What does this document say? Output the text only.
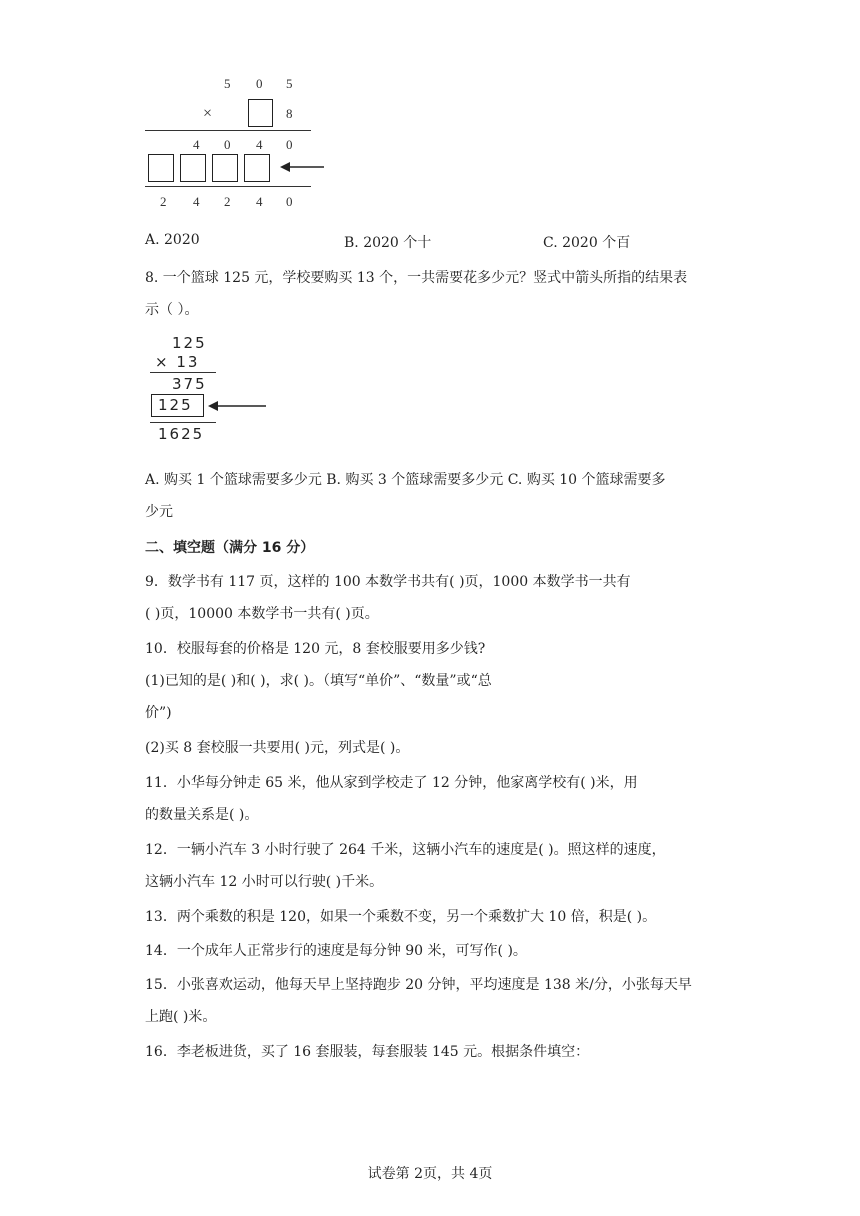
5 0 5
×	8
4 0 4 0
2 4 2 4 0
A. 2020	B. 2020 个十	C. 2020 个百
8. 一个篮球 125 元，学校要购买 13 个，一共需要花多少元？竖式中箭头所指的结果表
示（ ）。
125
× 13
375
125
1625
A. 购买 1 个篮球需要多少元 B. 购买 3 个篮球需要多少元 C. 购买 10 个篮球需要多
少元
二、填空题（满分 16 分）
9．数学书有 117 页，这样的 100 本数学书共有( )页，1000 本数学书一共有
( )页，10000 本数学书一共有( )页。
10．校服每套的价格是 120 元，8 套校服要用多少钱?
(1)已知的是( )和( )，求( )。（填写“单价”、“数量”或“总
价”)
(2)买 8 套校服一共要用( )元，列式是( )。
11．小华每分钟走 65 米，他从家到学校走了 12 分钟，他家离学校有( )米，用
的数量关系是( )。
12．一辆小汽车 3 小时行驶了 264 千米，这辆小汽车的速度是( )。照这样的速度，
这辆小汽车 12 小时可以行驶( )千米。
13．两个乘数的积是 120，如果一个乘数不变，另一个乘数扩大 10 倍，积是( )。
14．一个成年人正常步行的速度是每分钟 90 米，可写作( )。
15．小张喜欢运动，他每天早上坚持跑步 20 分钟，平均速度是 138 米/分，小张每天早
上跑( )米。
16．李老板进货，买了 16 套服装，每套服装 145 元。根据条件填空：
试卷第 2页，共 4页
